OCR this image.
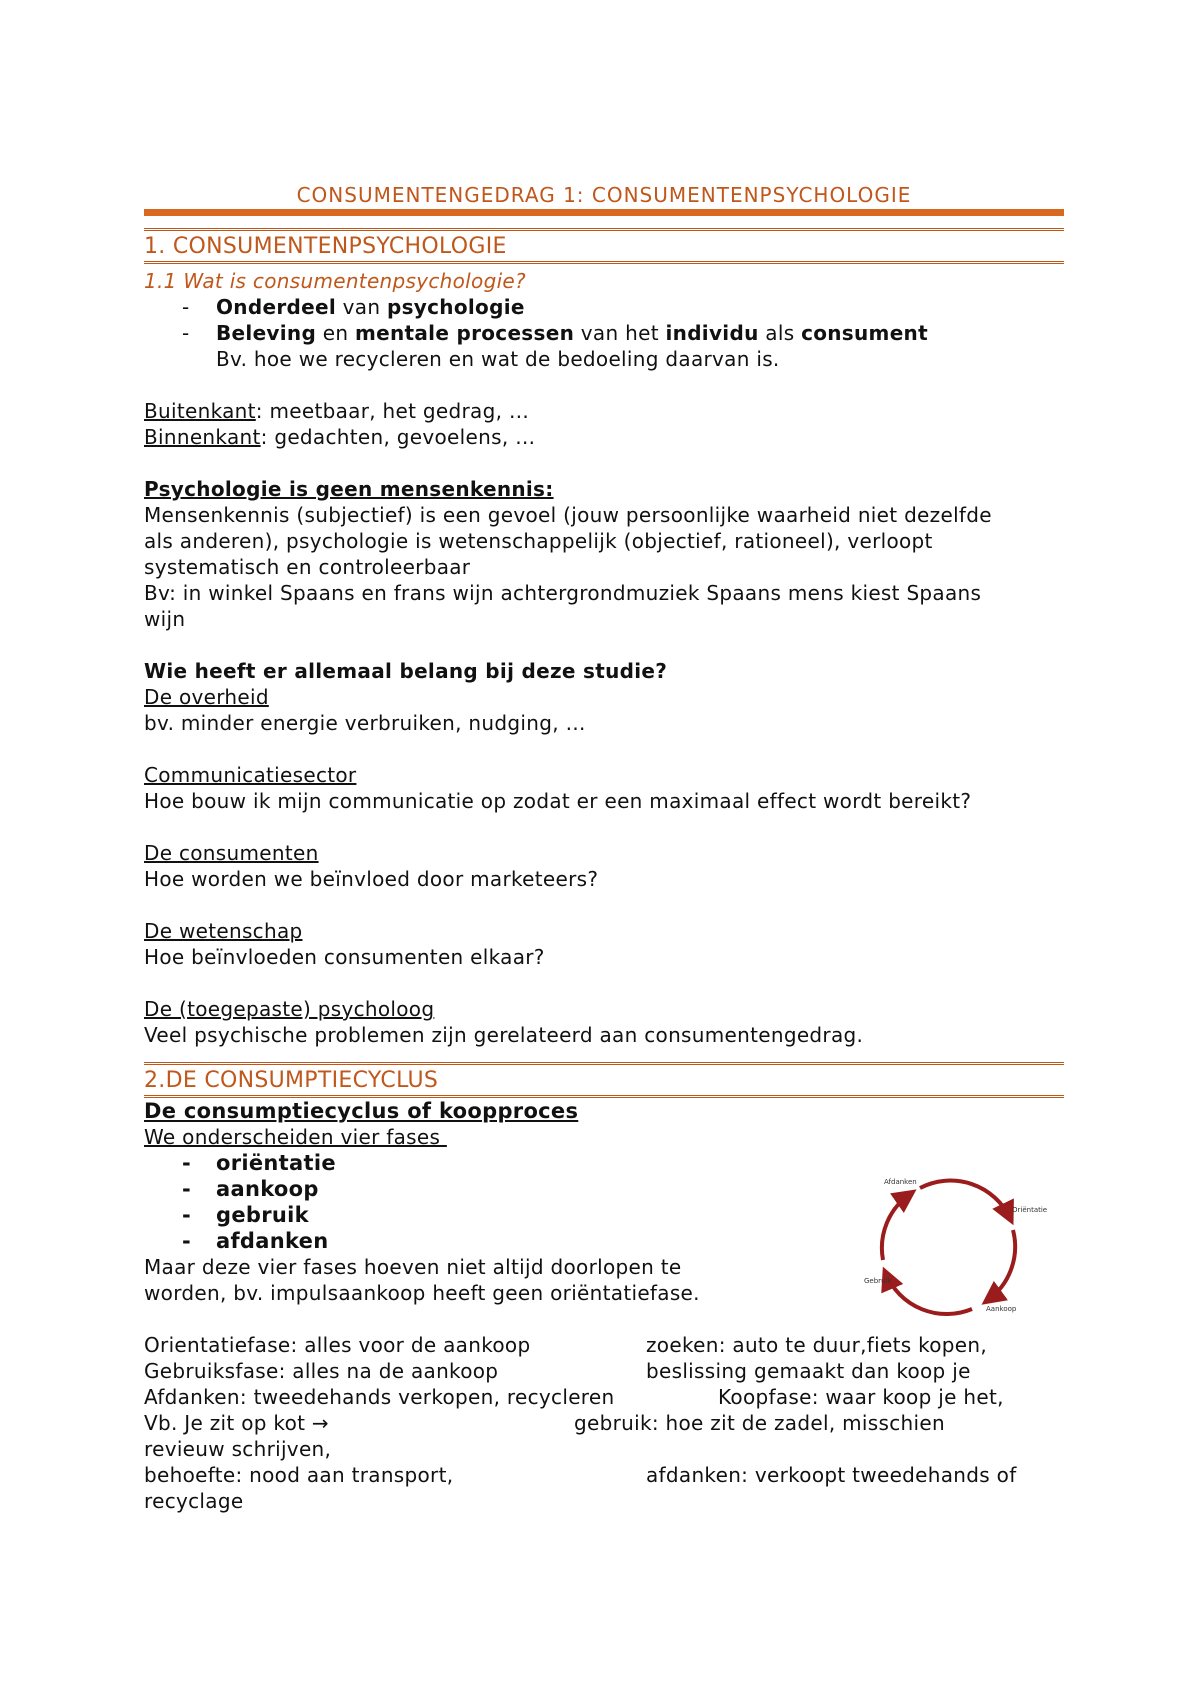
CONSUMENTENGEDRAG 1: CONSUMENTENPSYCHOLOGIE
1. CONSUMENTENPSYCHOLOGIE
1.1 Wat is consumentenpsychologie?
- Onderdeel van psychologie
- Beleving en mentale processen van het individu als consument
Bv. hoe we recycleren en wat de bedoeling daarvan is.
Buitenkant: meetbaar, het gedrag, …
Binnenkant: gedachten, gevoelens, …
Psychologie is geen mensenkennis:
Mensenkennis (subjectief) is een gevoel (jouw persoonlijke waarheid niet dezelfde
als anderen), psychologie is wetenschappelijk (objectief, rationeel), verloopt
systematisch en controleerbaar
Bv: in winkel Spaans en frans wijn achtergrondmuziek Spaans mens kiest Spaans
wijn
Wie heeft er allemaal belang bij deze studie?
De overheid
bv. minder energie verbruiken, nudging, …
Communicatiesector
Hoe bouw ik mijn communicatie op zodat er een maximaal effect wordt bereikt?
De consumenten
Hoe worden we beïnvloed door marketeers?
De wetenschap
Hoe beïnvloeden consumenten elkaar?
De (toegepaste) psycholoog
Veel psychische problemen zijn gerelateerd aan consumentengedrag.
2.DE CONSUMPTIECYCLUS
De consumptiecyclus of koopproces
We onderscheiden vier fases
- oriëntatie
- aankoop
- gebruik
- afdanken
Maar deze vier fases hoeven niet altijd doorlopen te
worden, bv. impulsaankoop heeft geen oriëntatiefase.
Orientatiefase: alles voor de aankoop	zoeken: auto te duur,fiets kopen,
Gebruiksfase: alles na de aankoop	beslissing gemaakt dan koop je
Afdanken: tweedehands verkopen, recycleren	Koopfase: waar koop je het,
Vb. Je zit op kot →	gebruik: hoe zit de zadel, misschien
revieuw schrijven,
behoefte: nood aan transport,	afdanken: verkoopt tweedehands of
recyclage
Afdanken
Oriëntatie
Aankoop
Gebruik
